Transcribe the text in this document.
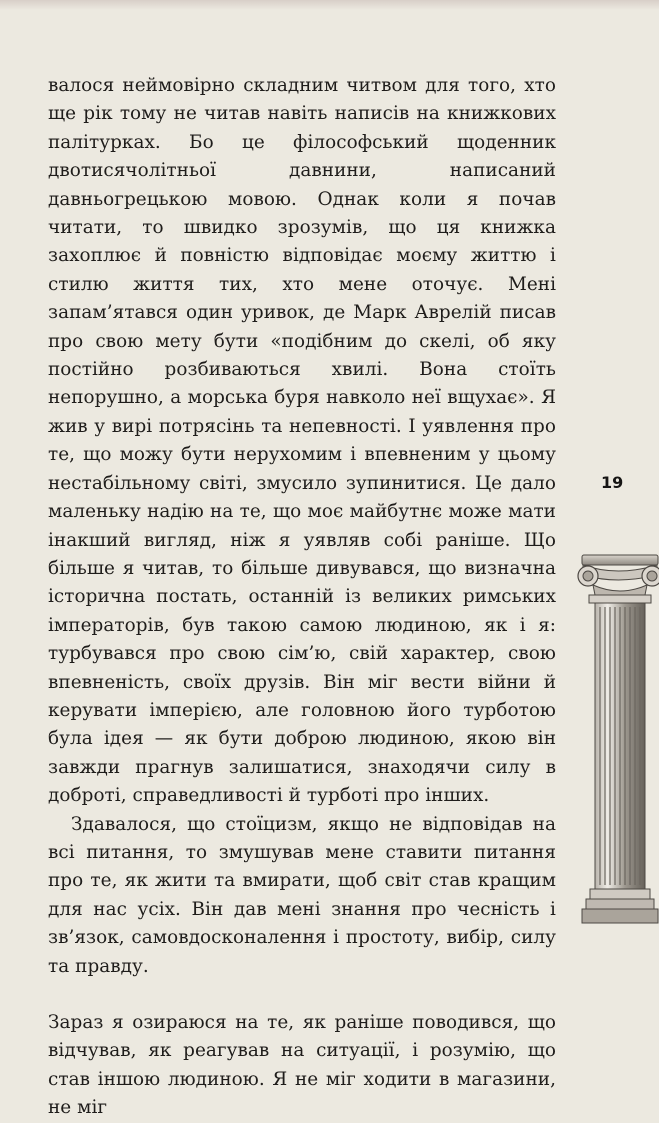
валося неймовірно складним читвом для того, хто ще рік тому не читав навіть написів на книжкових палітурках. Бо це філософський щоденник двотисячолітньої давнини, написаний давньогрецькою мовою. Однак коли я почав читати, то швидко зрозумів, що ця книжка захоплює й повністю відповідає моєму життю і стилю життя тих, хто мене оточує. Мені запам’ятався один уривок, де Марк Аврелій писав про свою мету бути «подібним до скелі, об яку постійно розбиваються хвилі. Вона стоїть непорушно, а морська буря навколо неї вщухає». Я жив у вирі потрясінь та непевності. І уявлення про те, що можу бути нерухомим і впевненим у цьому нестабільному світі, змусило зупинитися. Це дало маленьку надію на те, що моє майбутнє може мати інакший вигляд, ніж я уявляв собі раніше. Що більше я читав, то більше дивувався, що визначна історична постать, останній із великих римських імператорів, був такою самою людиною, як і я: турбувався про свою сім’ю, свій характер, свою впевненість, своїх друзів. Він міг вести війни й керувати імперією, але головною його турботою була ідея — як бути доброю людиною, якою він завжди прагнув залишатися, знаходячи силу в доброті, справедливості й турботі про інших.

Здавалося, що стоїцизм, якщо не відповідав на всі питання, то змушував мене ставити питання про те, як жити та вмирати, щоб світ став кращим для нас усіх. Він дав мені знання про чесність і зв’язок, самовдосконалення і простоту, вибір, силу та правду.

Зараз я озираюся на те, як раніше поводився, що відчував, як реагував на ситуації, і розумію, що став іншою людиною. Я не міг ходити в магазини, не міг

19
